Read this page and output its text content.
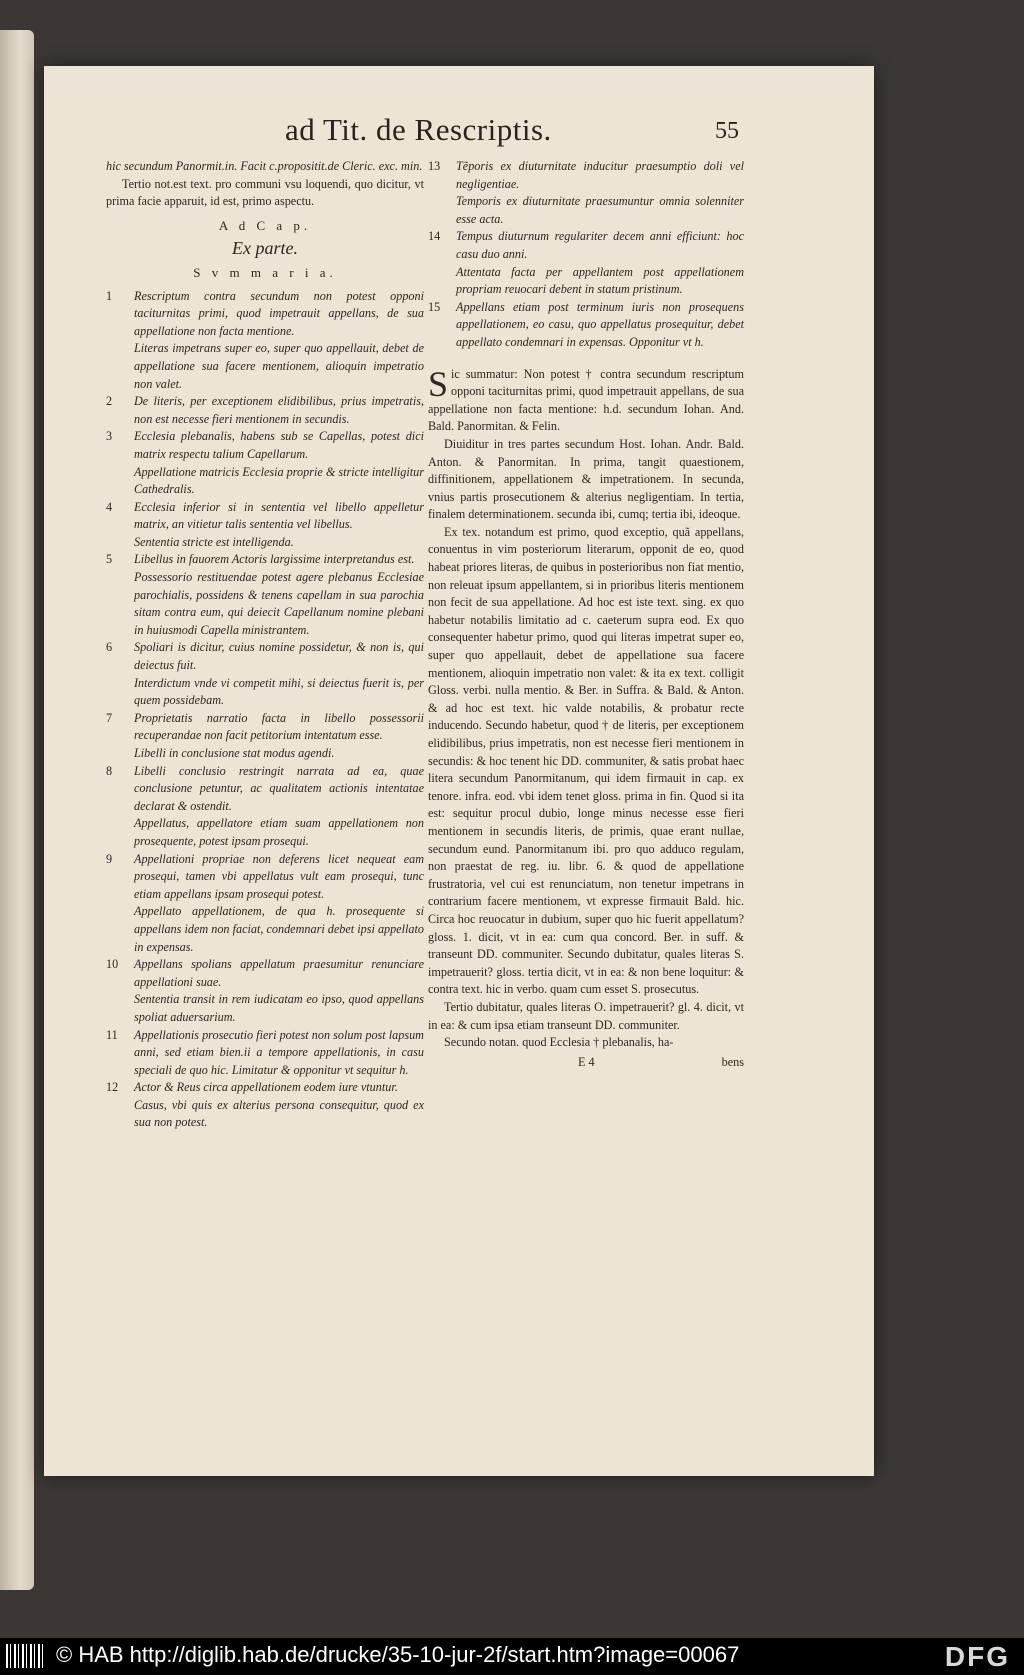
ad Tit. de Rescriptis.	55

hic secundum Panormit.in. Facit c.propositit.de Cleric. exc. min.

Tertio not.est text. pro communi vsu loquendi, quo dicitur, vt prima facie apparuit, id est, primo aspectu.

A d C a p.
Ex parte.
S v m m a r i a.

1 Rescriptum contra secundum non potest opponi taciturnitas primi, quod impetrauit appellans, de sua appellatione non facta mentione.

Literas impetrans super eo, super quo appellauit, debet de appellatione sua facere mentionem, alioquin impetratio non valet.

2 De literis, per exceptionem elidibilibus, prius impetratis, non est necesse fieri mentionem in secundis.

3 Ecclesia plebanalis, habens sub se Capellas, potest dici matrix respectu talium Capellarum.

Appellatione matricis Ecclesia proprie & stricte intelligitur Cathedralis.

4 Ecclesia inferior si in sententia vel libello appelletur matrix, an vitietur talis sententia vel libellus.

Sententia stricte est intelligenda.

5 Libellus in fauorem Actoris largissime interpretandus est.

Possessorio restituendae potest agere plebanus Ecclesiae parochialis, possidens & tenens capellam in sua parochia sitam contra eum, qui deiecit Capellanum nomine plebani in huiusmodi Capella ministrantem.

6 Spoliari is dicitur, cuius nomine possidetur, & non is, qui deiectus fuit.

Interdictum vnde vi competit mihi, si deiectus fuerit is, per quem possidebam.

7 Proprietatis narratio facta in libello possessorii recuperandae non facit petitorium intentatum esse.

Libelli in conclusione stat modus agendi.

8 Libelli conclusio restringit narrata ad ea, quae conclusione petuntur, ac qualitatem actionis intentatae declarat & ostendit.

Appellatus, appellatore etiam suam appellationem non prosequente, potest ipsam prosequi.

9 Appellationi propriae non deferens licet nequeat eam prosequi, tamen vbi appellatus vult eam prosequi, tunc etiam appellans ipsam prosequi potest.

Appellato appellationem, de qua h. prosequente si appellans idem non faciat, condemnari debet ipsi appellato in expensas.

10 Appellans spolians appellatum praesumitur renunciare appellationi suae.

Sententia transit in rem iudicatam eo ipso, quod appellans spoliat aduersarium.

11 Appellationis prosecutio fieri potest non solum post lapsum anni, sed etiam bien.ii a tempore appellationis, in casu speciali de quo hic. Limitatur & opponitur vt sequitur h.

12 Actor & Reus circa appellationem eodem iure vtuntur.

Casus, vbi quis ex alterius persona consequitur, quod ex sua non potest.

13 Tẽporis ex diuturnitate inducitur praesumptio doli vel negligentiae.

Temporis ex diuturnitate praesumuntur omnia solenniter esse acta.

14 Tempus diuturnum regulariter decem anni efficiunt: hoc casu duo anni.

Attentata facta per appellantem post appellationem propriam reuocari debent in statum pristinum.

15 Appellans etiam post terminum iuris non prosequens appellationem, eo casu, quo appellatus prosequitur, debet appellato condemnari in expensas. Opponitur vt h.

Sic summatur: Non potest † contra secundum rescriptum opponi taciturnitas primi, quod impetrauit appellans, de sua appellatione non facta mentione: h.d. secundum Iohan. And. Bald. Panormitan. & Felin.

Diuiditur in tres partes secundum Host. Iohan. Andr. Bald. Anton. & Panormitan. In prima, tangit quaestionem, diffinitionem, appellationem & impetrationem. In secunda, vnius partis prosecutionem & alterius negligentiam. In tertia, finalem determinationem. secunda ibi, cumq; tertia ibi, ideoque.

Ex tex. notandum est primo, quod exceptio, quã appellans, conuentus in vim posteriorum literarum, opponit de eo, quod habeat priores literas, de quibus in posterioribus non fiat mentio, non releuat ipsum appellantem, si in prioribus literis mentionem non fecit de sua appellatione. Ad hoc est iste text. sing. ex quo habetur notabilis limitatio ad c. caeterum supra eod. Ex quo consequenter habetur primo, quod qui literas impetrat super eo, super quo appellauit, debet de appellatione sua facere mentionem, alioquin impetratio non valet: & ita ex text. colligit Gloss. verbi. nulla mentio. & Ber. in Suffra. & Bald. & Anton. & ad hoc est text. hic valde notabilis, & probatur recte inducendo. Secundo habetur, quod † de literis, per exceptionem elidibilibus, prius impetratis, non est necesse fieri mentionem in secundis: & hoc tenent hic DD. communiter, & satis probat haec litera secundum Panormitanum, qui idem firmauit in cap. ex tenore. infra. eod. vbi idem tenet gloss. prima in fin. Quod si ita est: sequitur procul dubio, longe minus necesse esse fieri mentionem in secundis literis, de primis, quae erant nullae, secundum eund. Panormitanum ibi. pro quo adduco regulam, non praestat de reg. iu. libr. 6. & quod de appellatione frustratoria, vel cui est renunciatum, non tenetur impetrans in contrarium facere mentionem, vt expresse firmauit Bald. hic. Circa hoc reuocatur in dubium, super quo hic fuerit appellatum? gloss. 1. dicit, vt in ea: cum qua concord. Ber. in suff. & transeunt DD. communiter. Secundo dubitatur, quales literas S. impetrauerit? gloss. tertia dicit, vt in ea: & non bene loquitur: & contra text. hic in verbo. quam cum esset S. prosecutus.

Tertio dubitatur, quales literas O. impetrauerit? gl. 4. dicit, vt in ea: & cum ipsa etiam transeunt DD. communiter.

Secundo notan. quod Ecclesia † plebanalis, ha-

E 4	bens
© HAB http://diglib.hab.de/drucke/35-10-jur-2f/start.htm?image=00067	DFG
